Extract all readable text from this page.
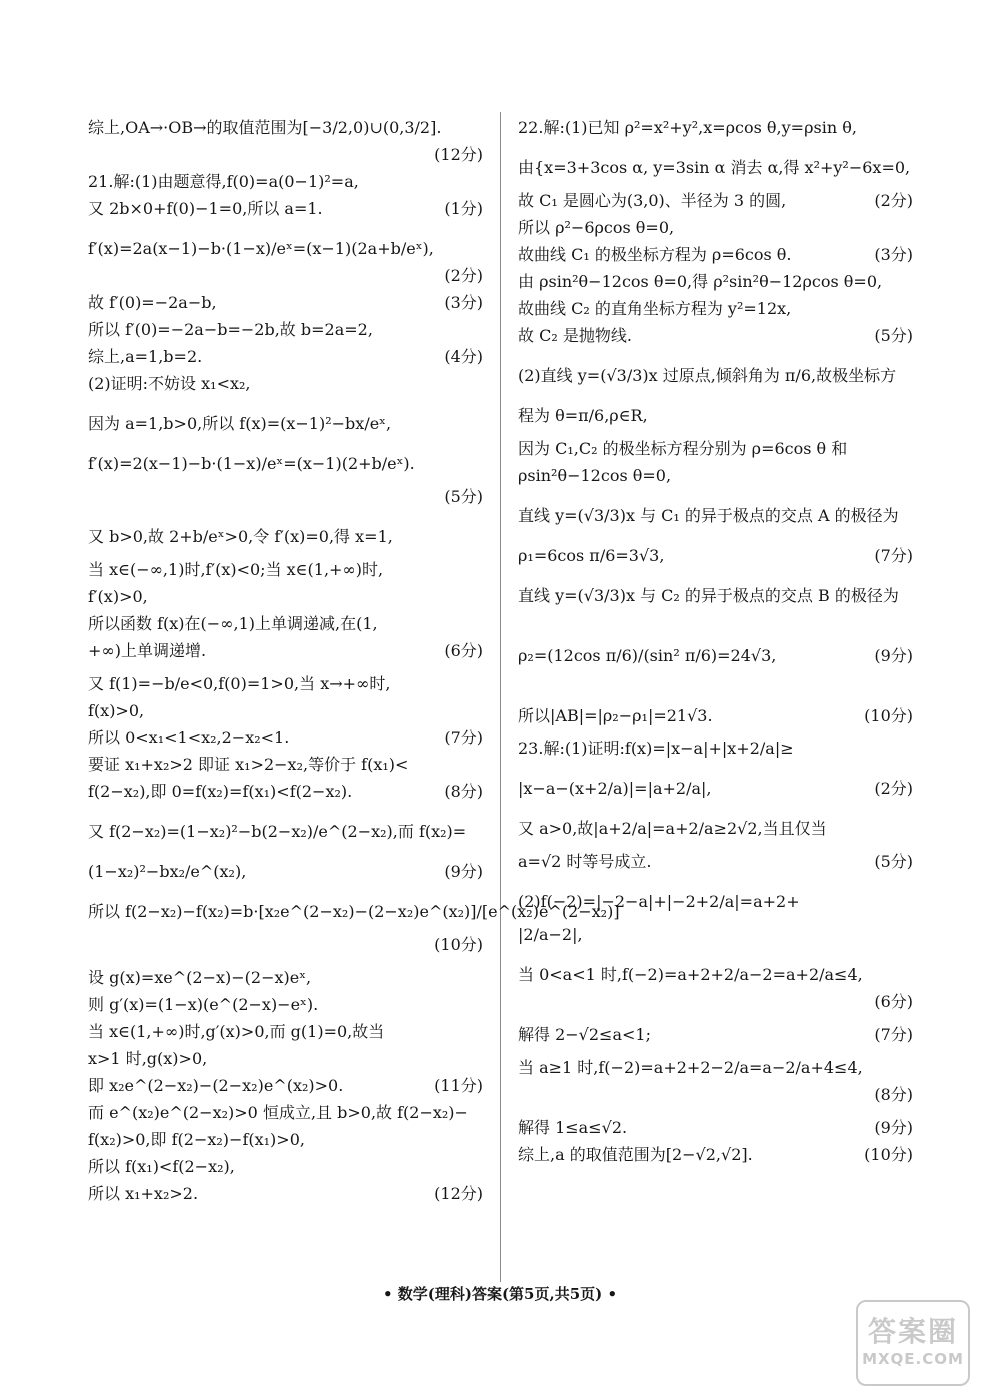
综上,OA→·OB→的取值范围为[−3/2,0)∪(0,3/2].
(12分)
21.解:(1)由题意得,f(0)=a(0−1)²=a,
又 2b×0+f(0)−1=0,所以 a=1.	(1分)
f′(x)=2a(x−1)−b·(1−x)/eˣ=(x−1)(2a+b/eˣ),
(2分)
故 f′(0)=−2a−b,	(3分)
所以 f′(0)=−2a−b=−2b,故 b=2a=2,
综上,a=1,b=2.	(4分)
(2)证明:不妨设 x₁<x₂,
因为 a=1,b>0,所以 f(x)=(x−1)²−bx/eˣ,
f′(x)=2(x−1)−b·(1−x)/eˣ=(x−1)(2+b/eˣ).
(5分)
又 b>0,故 2+b/eˣ>0,令 f′(x)=0,得 x=1,
当 x∈(−∞,1)时,f′(x)<0;当 x∈(1,+∞)时,
f′(x)>0,
所以函数 f(x)在(−∞,1)上单调递减,在(1,
+∞)上单调递增.	(6分)
又 f(1)=−b/e<0,f(0)=1>0,当 x→+∞时,
f(x)>0,
所以 0<x₁<1<x₂,2−x₂<1.	(7分)
要证 x₁+x₂>2 即证 x₁>2−x₂,等价于 f(x₁)<
f(2−x₂),即 0=f(x₂)=f(x₁)<f(2−x₂).	(8分)
又 f(2−x₂)=(1−x₂)²−b(2−x₂)/e^(2−x₂),而 f(x₂)=
(1−x₂)²−bx₂/e^(x₂),	(9分)
所以 f(2−x₂)−f(x₂)=b·[x₂e^(2−x₂)−(2−x₂)e^(x₂)]/[e^(x₂)e^(2−x₂)]
(10分)
设 g(x)=xe^(2−x)−(2−x)eˣ,
则 g′(x)=(1−x)(e^(2−x)−eˣ).
当 x∈(1,+∞)时,g′(x)>0,而 g(1)=0,故当
x>1 时,g(x)>0,
即 x₂e^(2−x₂)−(2−x₂)e^(x₂)>0.	(11分)
而 e^(x₂)e^(2−x₂)>0 恒成立,且 b>0,故 f(2−x₂)−
f(x₂)>0,即 f(2−x₂)−f(x₁)>0,
所以 f(x₁)<f(2−x₂),
所以 x₁+x₂>2.	(12分)
22.解:(1)已知 ρ²=x²+y²,x=ρcos θ,y=ρsin θ,
由{x=3+3cos α, y=3sin α 消去 α,得 x²+y²−6x=0,
故 C₁ 是圆心为(3,0)、半径为 3 的圆,	(2分)
所以 ρ²−6ρcos θ=0,
故曲线 C₁ 的极坐标方程为 ρ=6cos θ.	(3分)
由 ρsin²θ−12cos θ=0,得 ρ²sin²θ−12ρcos θ=0,
故曲线 C₂ 的直角坐标方程为 y²=12x,
故 C₂ 是抛物线.	(5分)
(2)直线 y=(√3/3)x 过原点,倾斜角为 π/6,故极坐标方
程为 θ=π/6,ρ∈R,
因为 C₁,C₂ 的极坐标方程分别为 ρ=6cos θ 和
ρsin²θ−12cos θ=0,
直线 y=(√3/3)x 与 C₁ 的异于极点的交点 A 的极径为
ρ₁=6cos π/6=3√3,	(7分)
直线 y=(√3/3)x 与 C₂ 的异于极点的交点 B 的极径为
ρ₂=(12cos π/6)/(sin² π/6)=24√3,	(9分)
所以|AB|=|ρ₂−ρ₁|=21√3.	(10分)
23.解:(1)证明:f(x)=|x−a|+|x+2/a|≥
|x−a−(x+2/a)|=|a+2/a|,	(2分)
又 a>0,故|a+2/a|=a+2/a≥2√2,当且仅当
a=√2 时等号成立.	(5分)
(2)f(−2)=|−2−a|+|−2+2/a|=a+2+
|2/a−2|,
当 0<a<1 时,f(−2)=a+2+2/a−2=a+2/a≤4,
(6分)
解得 2−√2≤a<1;	(7分)
当 a≥1 时,f(−2)=a+2+2−2/a=a−2/a+4≤4,
(8分)
解得 1≤a≤√2.	(9分)
综上,a 的取值范围为[2−√2,√2].	(10分)
• 数学(理科)答案(第5页,共5页) •
答案圈
MXQE.COM
